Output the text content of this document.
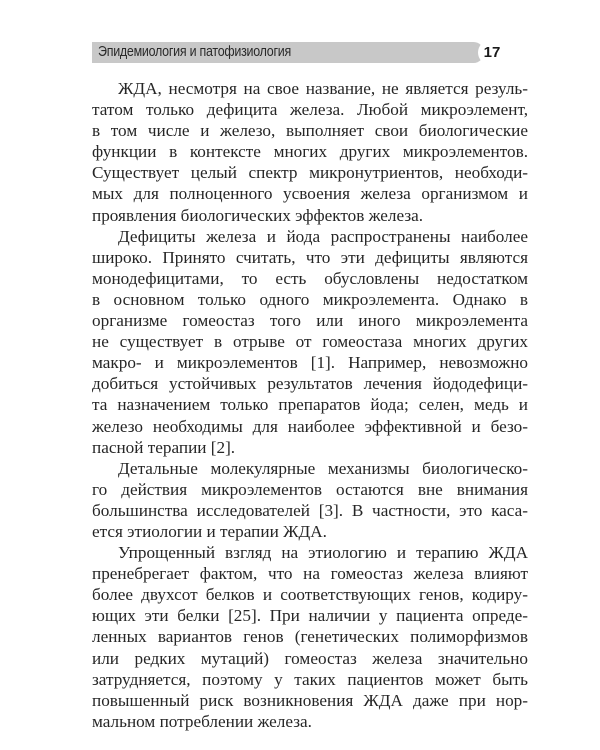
Эпидемиология и патофизиология	17
ЖДА, несмотря на свое название, не является резуль-
татом только дефицита железа. Любой микроэлемент,
в том числе и железо, выполняет свои биологические
функции в контексте многих других микроэлементов.
Существует целый спектр микронутриентов, необходи-
мых для полноценного усвоения железа организмом и
проявления биологических эффектов железа.
Дефициты железа и йода распространены наиболее
широко. Принято считать, что эти дефициты являются
монодефицитами, то есть обусловлены недостатком
в основном только одного микроэлемента. Однако в
организме гомеостаз того или иного микроэлемента
не существует в отрыве от гомеостаза многих других
макро- и микроэлементов [1]. Например, невозможно
добиться устойчивых результатов лечения йододефици-
та назначением только препаратов йода; селен, медь и
железо необходимы для наиболее эффективной и безо-
пасной терапии [2].
Детальные молекулярные механизмы биологическо-
го действия микроэлементов остаются вне внимания
большинства исследователей [3]. В частности, это каса-
ется этиологии и терапии ЖДА.
Упрощенный взгляд на этиологию и терапию ЖДА
пренебрегает фактом, что на гомеостаз железа влияют
более двухсот белков и соответствующих генов, кодиру-
ющих эти белки [25]. При наличии у пациента опреде-
ленных вариантов генов (генетических полиморфизмов
или редких мутаций) гомеостаз железа значительно
затрудняется, поэтому у таких пациентов может быть
повышенный риск возникновения ЖДА даже при нор-
мальном потреблении железа.
